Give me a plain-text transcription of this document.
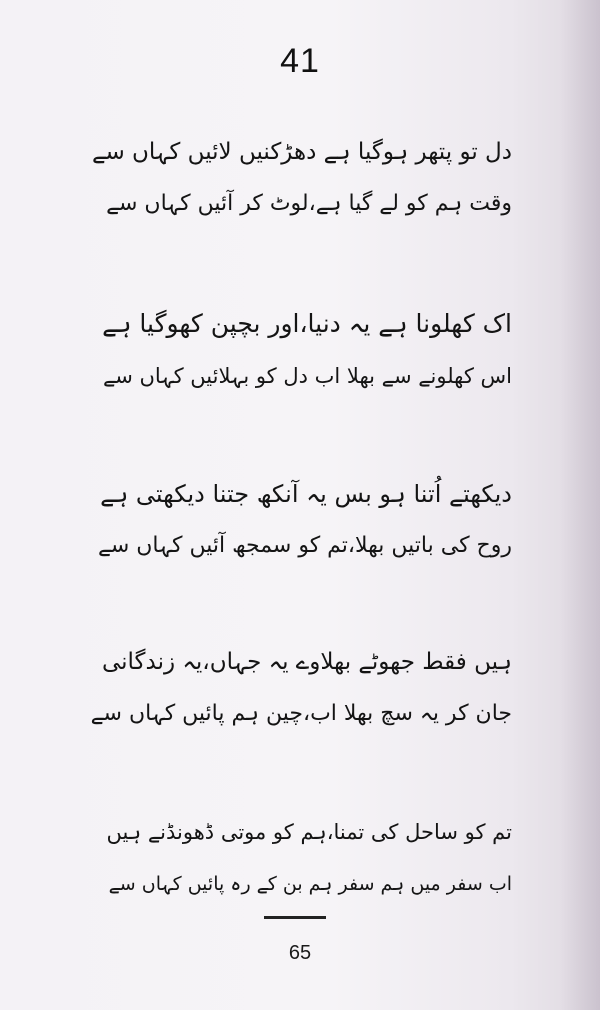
41
دل تو پتھر ہوگیا ہے دھڑکنیں لائیں کہاں سے
وقت ہم کو لے گیا ہے،لوٹ کر آئیں کہاں سے
اک کھلونا ہے یہ دنیا،اور بچپن کھوگیا ہے
اس کھلونے سے بھلا اب دل کو بہلائیں کہاں سے
دیکھتے اُتنا ہو بس یہ آنکھ جتنا دیکھتی ہے
روح کی باتیں بھلا،تم کو سمجھ آئیں کہاں سے
ہیں فقط جھوٹے بھلاوے یہ جہاں،یہ زندگانی
جان کر یہ سچ بھلا اب،چین ہم پائیں کہاں سے
تم کو ساحل کی تمنا،ہم کو موتی ڈھونڈنے ہیں
اب سفر میں ہم سفر ہم بن کے رہ پائیں کہاں سے
65
